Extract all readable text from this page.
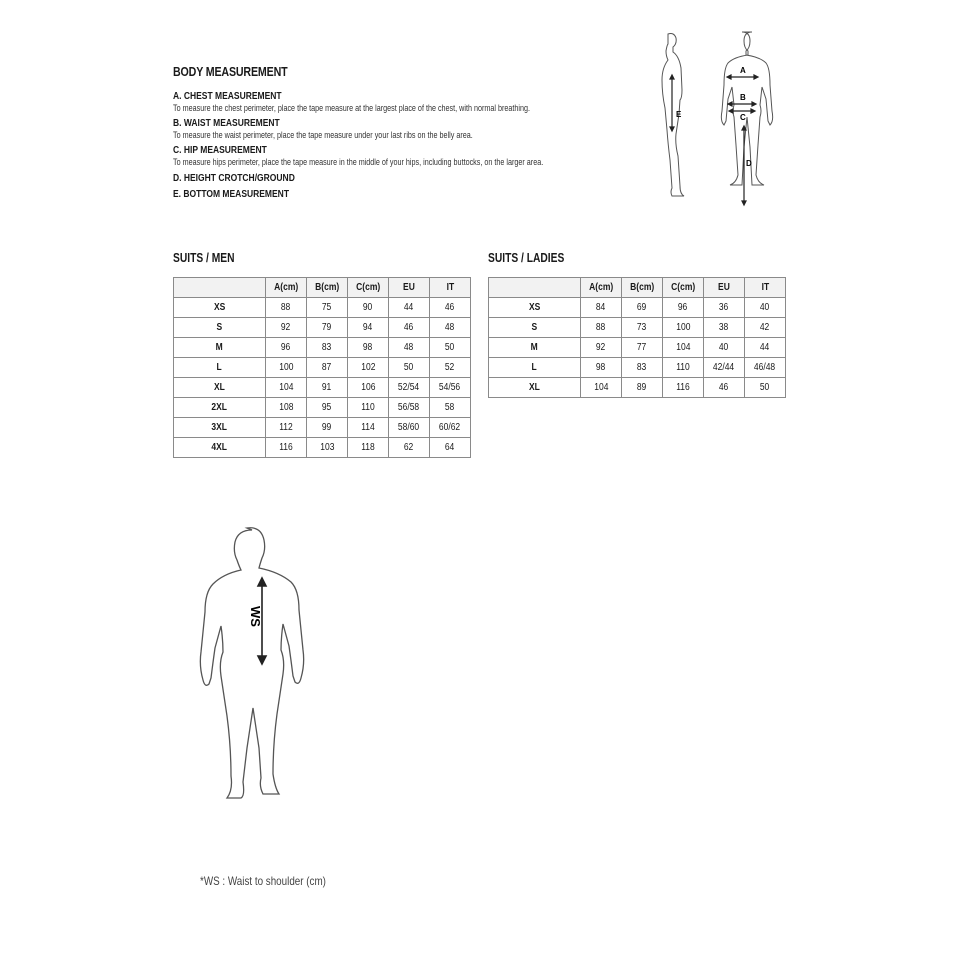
BODY MEASUREMENT
A. CHEST MEASUREMENT
To measure the chest perimeter, place the tape measure at the largest place of the chest, with normal breathing.
B. WAIST MEASUREMENT
To measure the waist perimeter, place the tape measure under your last ribs on the belly area.
C. HIP MEASUREMENT
To measure hips perimeter, place the tape measure in the middle of your hips, including buttocks, on the larger area.
D. HEIGHT CROTCH/GROUND
E. BOTTOM MEASUREMENT
A
B
C
D
E
SUITS / MEN	SUITS / LADIES
	A(cm)	B(cm)	C(cm)	EU	IT
XS	88	75	90	44	46
S	92	79	94	46	48
M	96	83	98	48	50
L	100	87	102	50	52
XL	104	91	106	52/54	54/56
2XL	108	95	110	56/58	58
3XL	112	99	114	58/60	60/62
4XL	116	103	118	62	64
	A(cm)	B(cm)	C(cm)	EU	IT
XS	84	69	96	36	40
S	88	73	100	38	42
M	92	77	104	40	44
L	98	83	110	42/44	46/48
XL	104	89	116	46	50
WS
*WS : Waist to shoulder (cm)
